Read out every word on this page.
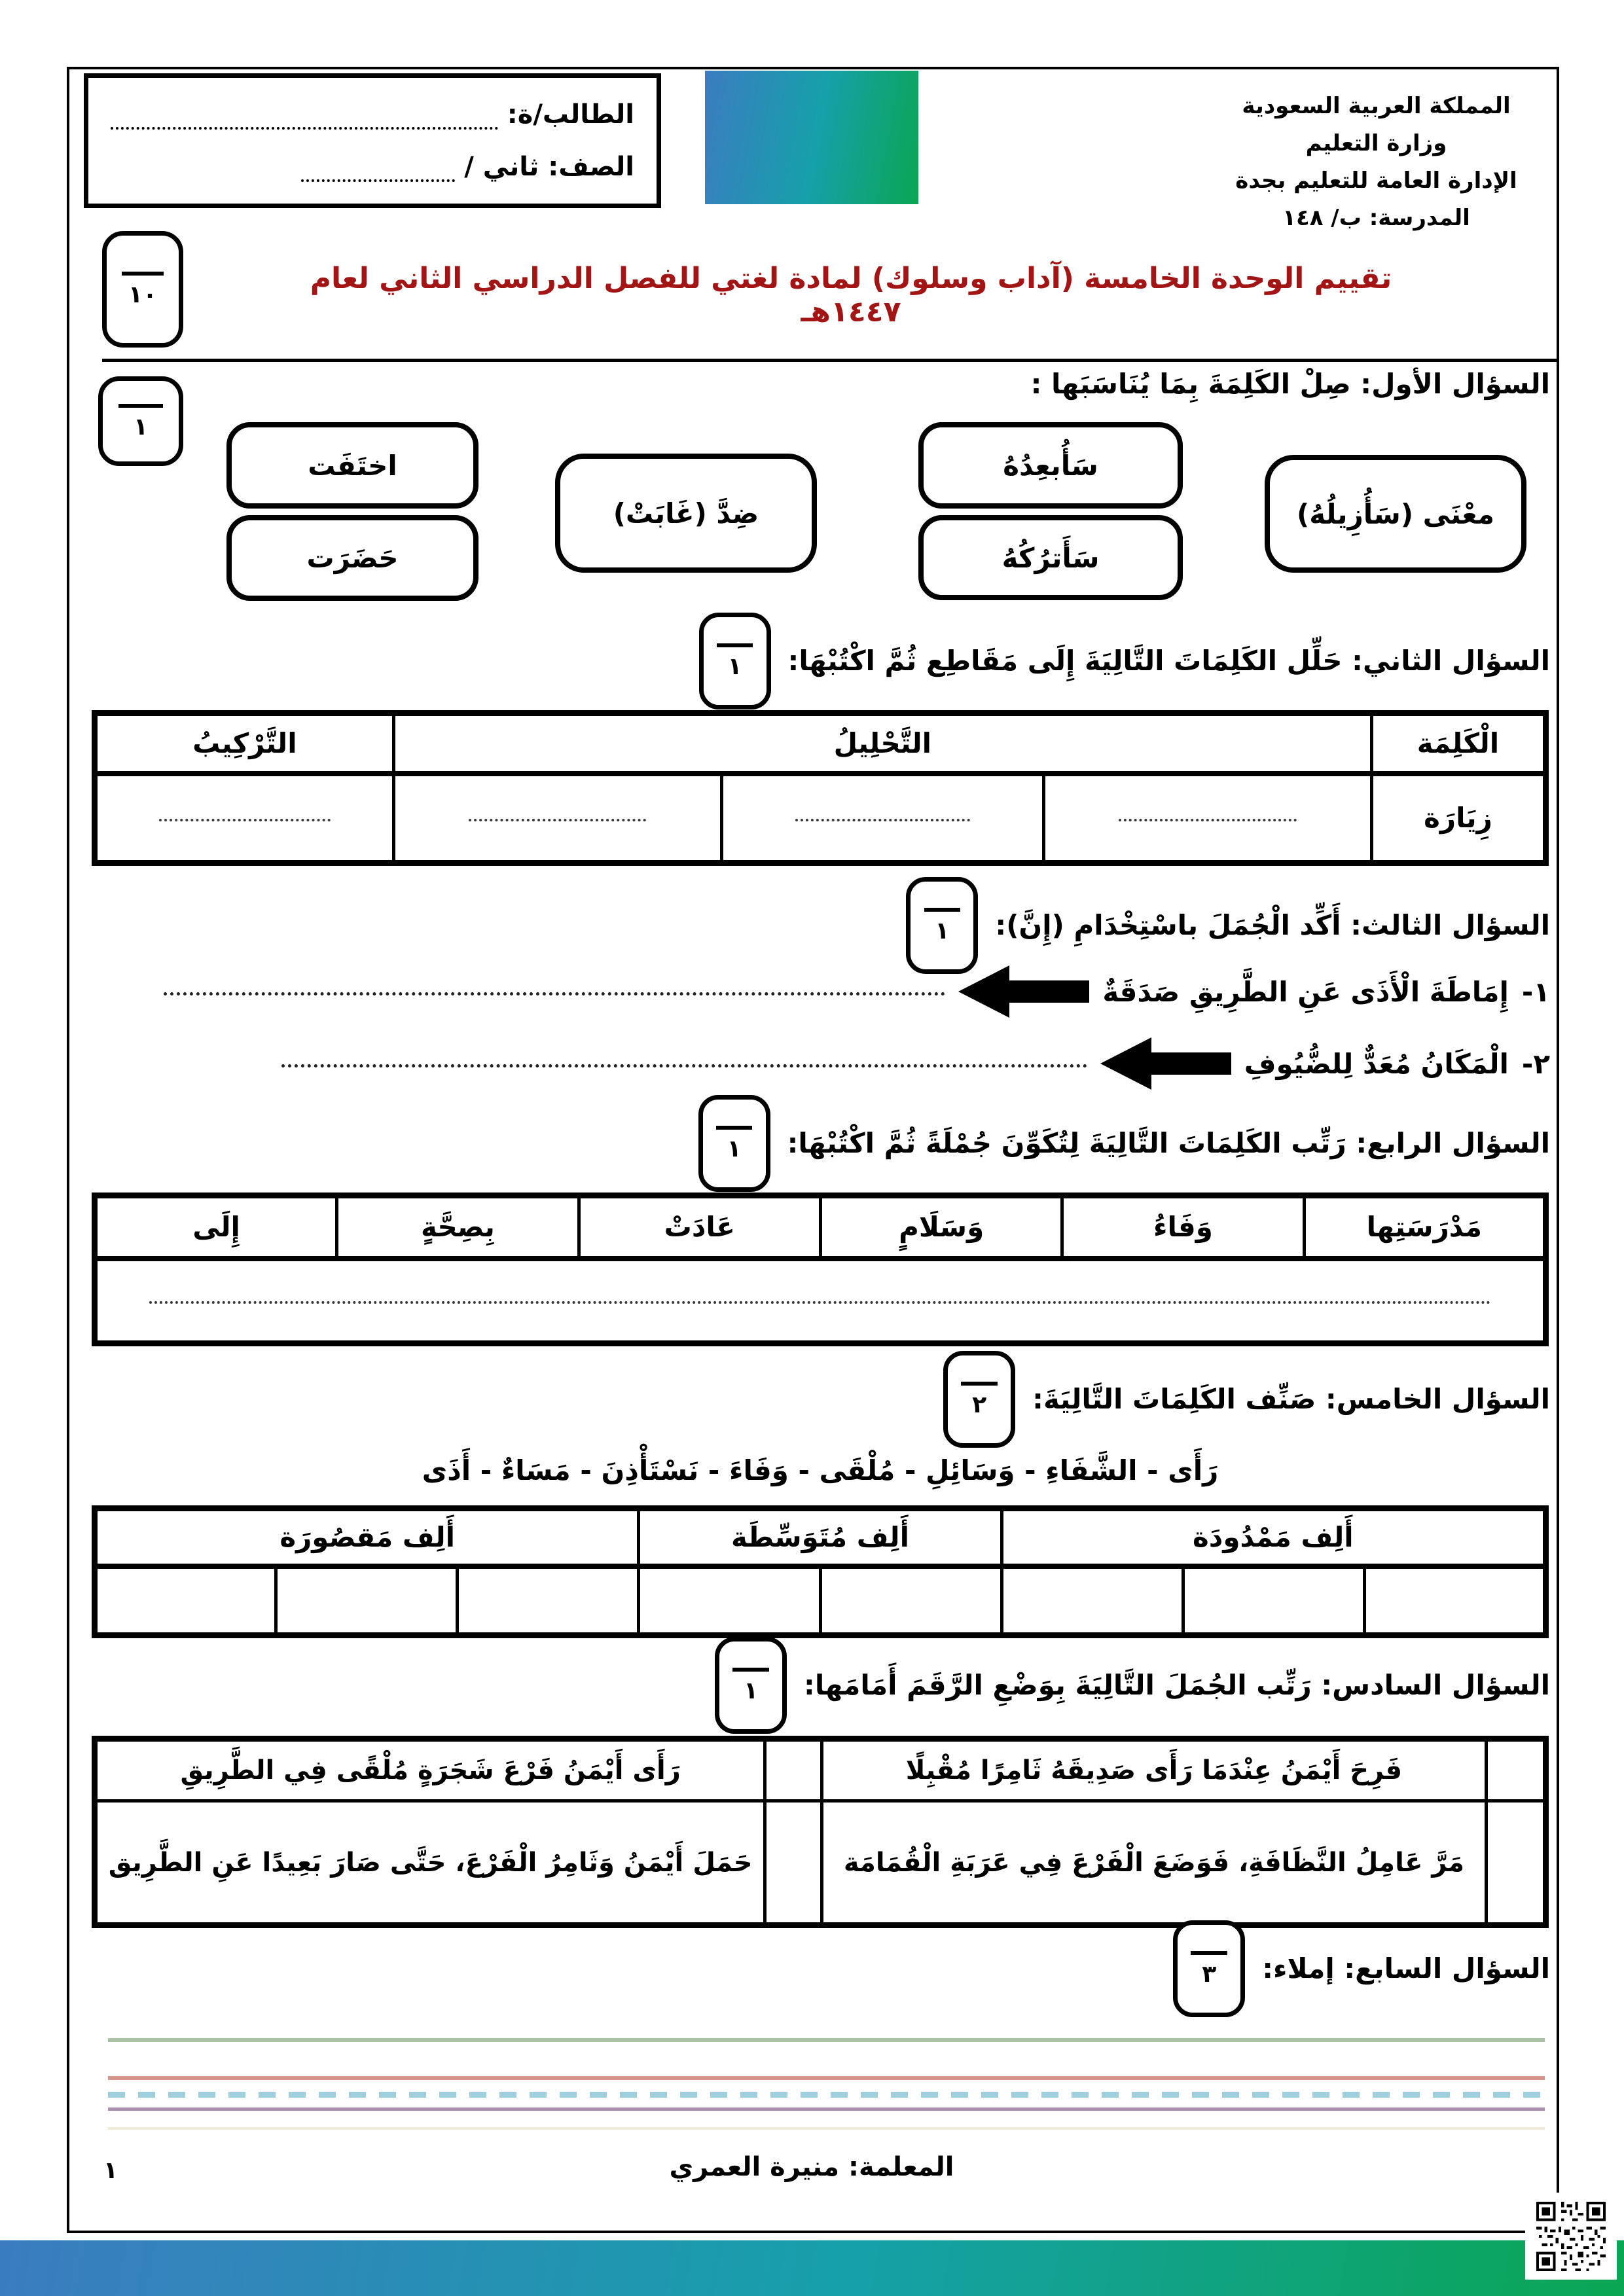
الطالب/ة:
الصف: ثاني /
المملكة العربية السعودية
وزارة التعليم
الإدارة العامة للتعليم بجدة
المدرسة: ب/ ١٤٨
١٠	تقييم الوحدة الخامسة (آداب وسلوك) لمادة لغتي للفصل الدراسي الثاني لعام ١٤٤٧هـ
السؤال الأول: صِلْ الكَلِمَةَ بِمَا يُنَاسَبَها :
١
معْنَى (سَأُزِيلُهُ)
سَأُبعِدُهُ
سَأَترُكُهُ
ضِدَّ (غَابَتْ)
اختَفَت
حَضَرَت
السؤال الثاني: حَلِّل الكَلِمَاتَ التَّالِيَةَ إِلَى مَقَاطِع ثُمَّ اكْتُبْهَا:
١
الْكَلِمَة	التَّحْلِيلُ			التَّرْكِيبُ
زِيَارَة				
السؤال الثالث: أَكِّد الْجُمَلَ باسْتِخْدَامِ (إِنَّ):
١
١-
إِمَاطَةَ الْأَذَى عَنِ الطَّرِيقِ صَدَقَةٌ
٢-
الْمَكَانُ مُعَدٌّ لِلضُّيُوفِ
السؤال الرابع: رَتِّب الكَلِمَاتَ التَّالِيَةَ لِتُكَوِّنَ جُمْلَةً ثُمَّ اكْتُبْهَا:
١
مَدْرَسَتِها	وَفَاءُ	وَسَلَامٍ	عَادَتْ	بِصِحَّةٍ	إِلَى

السؤال الخامس: صَنِّف الكَلِمَاتَ التَّالِيَةَ:
٢
رَأَى - الشَّفَاءِ - وَسَائِلِ - مُلْقَى - وَفَاءَ - نَسْتَأْذِنَ - مَسَاءٌ - أَذَى
أَلِف مَمْدُودَة			أَلِف مُتَوَسِّطَة		أَلِف مَقصُورَة		

السؤال السادس: رَتِّب الجُمَلَ التَّالِيَةَ بِوَضْعِ الرَّقَمَ أَمَامَها:
١
	فَرِحَ أَيْمَنُ عِنْدَمَا رَأَى صَدِيقَهُ ثَامِرًا مُقْبِلًا		رَأَى أَيْمَنُ فَرْعَ شَجَرَةٍ مُلْقًى فِي الطَّرِيقِ
	مَرَّ عَامِلُ النَّظَافَةِ، فَوَضَعَ الْفَرْعَ فِي عَرَبَةِ الْقُمَامَة		حَمَلَ أَيْمَنُ وَثَامِرُ الْفَرْعَ، حَتَّى صَارَ بَعِيدًا عَنِ الطَّرِيق
السؤال السابع: إملاء:
٣
المعلمة: منيرة العمري
١
